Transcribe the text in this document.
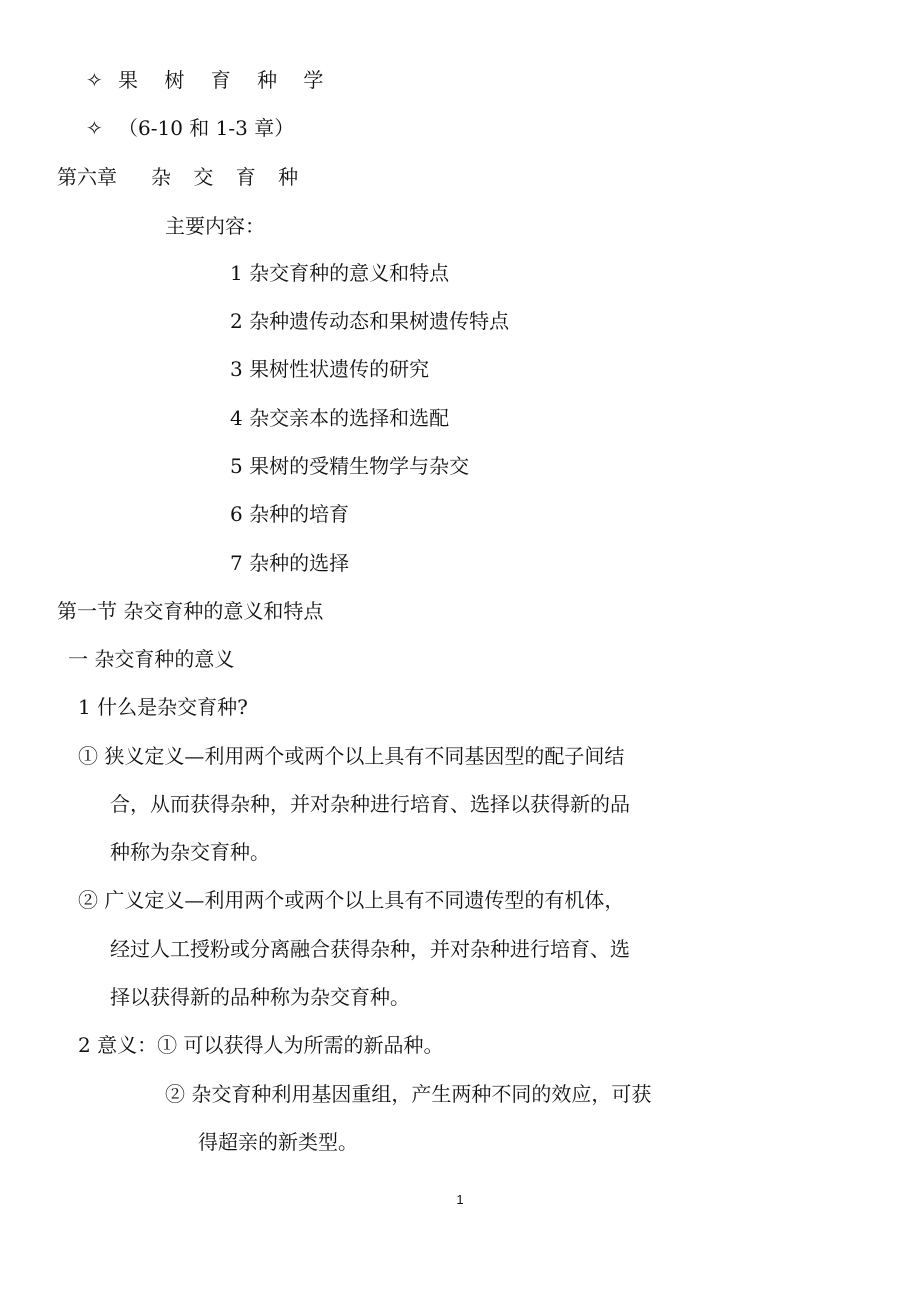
✧ 果 树 育 种 学
✧ （6-10 和 1-3 章）
第六章 杂 交 育 种
主要内容：
1 杂交育种的意义和特点
2 杂种遗传动态和果树遗传特点
3 果树性状遗传的研究
4 杂交亲本的选择和选配
5 果树的受精生物学与杂交
6 杂种的培育
7 杂种的选择
第一节 杂交育种的意义和特点
一 杂交育种的意义
1 什么是杂交育种?
① 狭义定义—利用两个或两个以上具有不同基因型的配子间结
合，从而获得杂种，并对杂种进行培育、选择以获得新的品
种称为杂交育种。
② 广义定义—利用两个或两个以上具有不同遗传型的有机体，
经过人工授粉或分离融合获得杂种，并对杂种进行培育、选
择以获得新的品种称为杂交育种。
2 意义：① 可以获得人为所需的新品种。
② 杂交育种利用基因重组，产生两种不同的效应，可获
得超亲的新类型。
1
